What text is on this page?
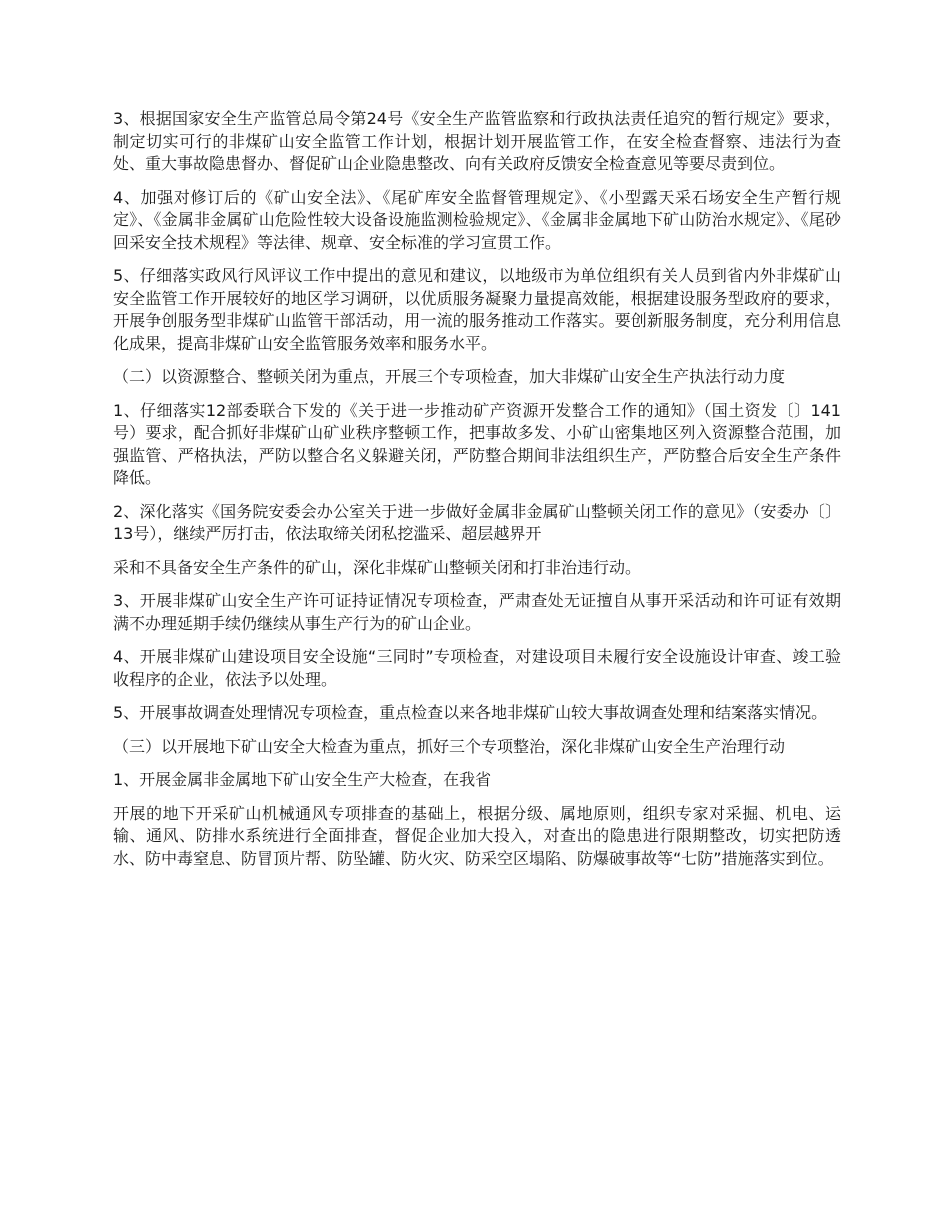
3、根据国家安全生产监管总局令第24号《安全生产监管监察和行政执法责任追究的暂行规定》要求，制定切实可行的非煤矿山安全监管工作计划，根据计划开展监管工作，在安全检查督察、违法行为查处、重大事故隐患督办、督促矿山企业隐患整改、向有关政府反馈安全检查意见等要尽责到位。

4、加强对修订后的《矿山安全法》、《尾矿库安全监督管理规定》、《小型露天采石场安全生产暂行规定》、《金属非金属矿山危险性较大设备设施监测检验规定》、《金属非金属地下矿山防治水规定》、《尾砂回采安全技术规程》等法律、规章、安全标准的学习宣贯工作。

5、仔细落实政风行风评议工作中提出的意见和建议，以地级市为单位组织有关人员到省内外非煤矿山安全监管工作开展较好的地区学习调研，以优质服务凝聚力量提高效能，根据建设服务型政府的要求，开展争创服务型非煤矿山监管干部活动，用一流的服务推动工作落实。要创新服务制度，充分利用信息化成果，提高非煤矿山安全监管服务效率和服务水平。

（二）以资源整合、整顿关闭为重点，开展三个专项检查，加大非煤矿山安全生产执法行动力度

1、仔细落实12部委联合下发的《关于进一步推动矿产资源开发整合工作的通知》（国土资发〔〕141号）要求，配合抓好非煤矿山矿业秩序整顿工作，把事故多发、小矿山密集地区列入资源整合范围，加强监管、严格执法，严防以整合名义躲避关闭，严防整合期间非法组织生产，严防整合后安全生产条件降低。

2、深化落实《国务院安委会办公室关于进一步做好金属非金属矿山整顿关闭工作的意见》（安委办〔〕13号），继续严厉打击，依法取缔关闭私挖滥采、超层越界开

采和不具备安全生产条件的矿山，深化非煤矿山整顿关闭和打非治违行动。

3、开展非煤矿山安全生产许可证持证情况专项检查，严肃查处无证擅自从事开采活动和许可证有效期满不办理延期手续仍继续从事生产行为的矿山企业。

4、开展非煤矿山建设项目安全设施“三同时”专项检查，对建设项目未履行安全设施设计审查、竣工验收程序的企业，依法予以处理。

5、开展事故调查处理情况专项检查，重点检查以来各地非煤矿山较大事故调查处理和结案落实情况。

（三）以开展地下矿山安全大检查为重点，抓好三个专项整治，深化非煤矿山安全生产治理行动

1、开展金属非金属地下矿山安全生产大检查，在我省

开展的地下开采矿山机械通风专项排查的基础上，根据分级、属地原则，组织专家对采掘、机电、运输、通风、防排水系统进行全面排查，督促企业加大投入，对查出的隐患进行限期整改，切实把防透水、防中毒窒息、防冒顶片帮、防坠罐、防火灾、防采空区塌陷、防爆破事故等“七防”措施落实到位。
